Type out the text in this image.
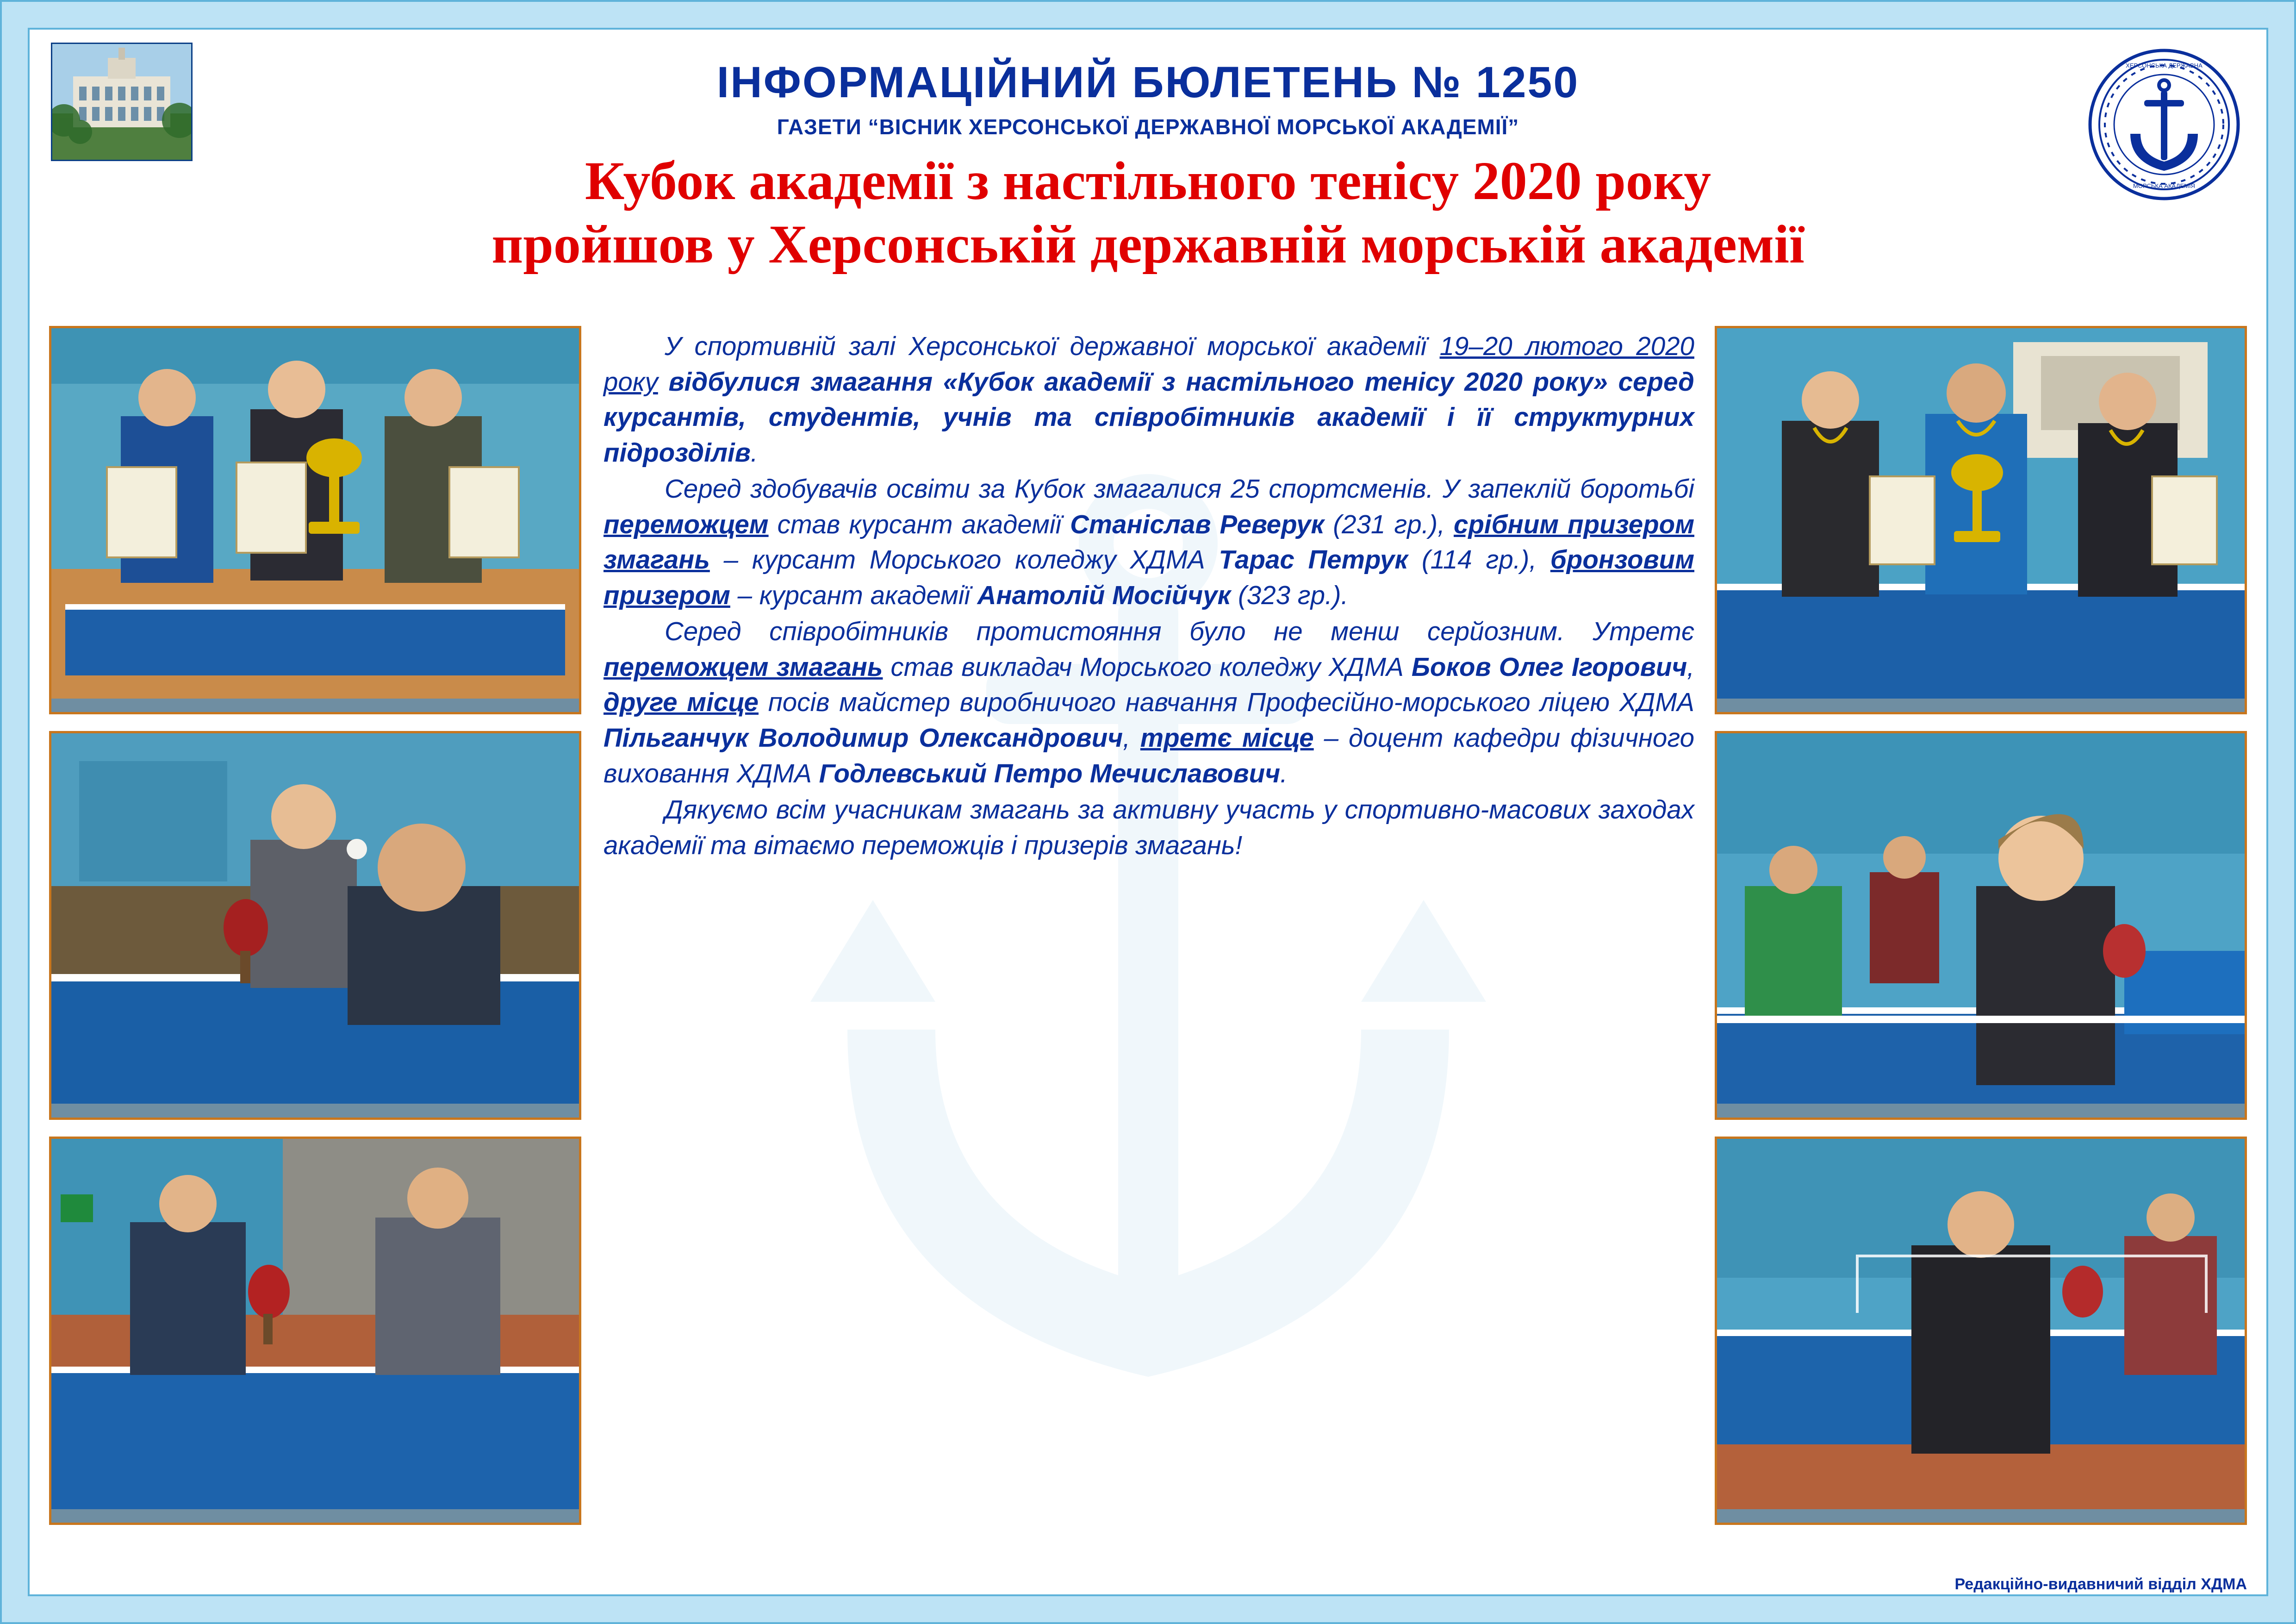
ХЕРСОНСЬКА ДЕРЖАВНА
МОРСЬКА АКАДЕМІЯ
ІНФОРМАЦІЙНИЙ БЮЛЕТЕНЬ № 1250
ГАЗЕТИ “ВІСНИК ХЕРСОНСЬКОЇ ДЕРЖАВНОЇ МОРСЬКОЇ АКАДЕМІЇ”
Кубок академії з настільного тенісу 2020 року
пройшов у Херсонській державній морській академії

У спортивній залі Херсонської державної морської академії 19–20 лютого 2020 року відбулися змагання «Кубок академії з настільного тенісу 2020 року» серед курсантів, студентів, учнів та співробітників академії і її структурних підрозділів.

Серед здобувачів освіти за Кубок змагалися 25 спортсменів. У запеклій боротьбі переможцем став курсант академії Станіслав Реверук (231 гр.), срібним призером змагань – курсант Морського коледжу ХДМА Тарас Петрук (114 гр.), бронзовим призером – курсант академії Анатолій Мосійчук (323 гр.).

Серед співробітників протистояння було не менш серйозним. Утретє переможцем змагань став викладач Морського коледжу ХДМА Боков Олег Ігорович, друге місце посів майстер виробничого навчання Професійно-морського ліцею ХДМА Пільганчук Володимир Олександрович, третє місце – доцент кафедри фізичного виховання ХДМА Годлевський Петро Мечиславович.

Дякуємо всім учасникам змагань за активну участь у спортивно-масових заходах академії та вітаємо переможців і призерів змагань!

Редакційно-видавничий відділ ХДМА
